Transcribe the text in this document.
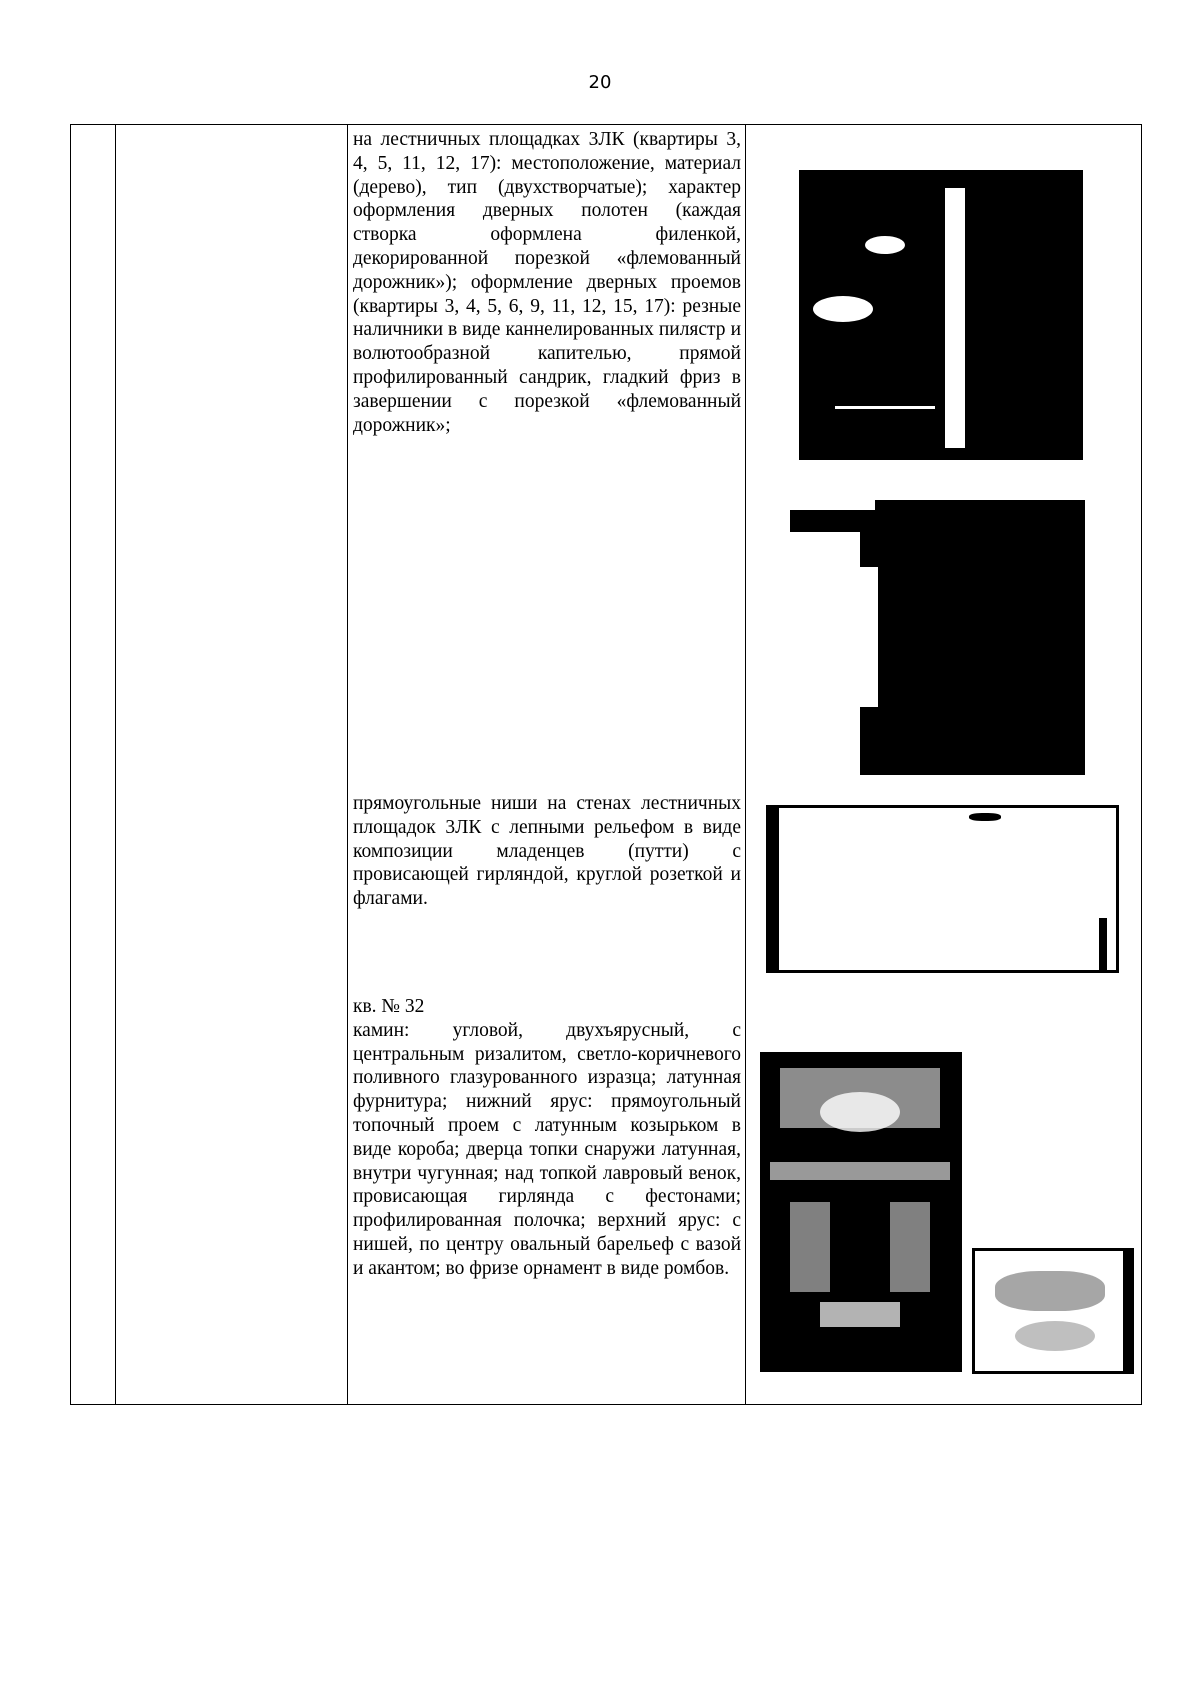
20

на лестничных площадках 3ЛК (квартиры 3, 4, 5, 11, 12, 17): местоположение, материал (дерево), тип (двухстворчатые); характер оформления дверных полотен (каждая створка оформлена филенкой, декорированной порезкой «флемованный дорожник»); оформление дверных проемов (квартиры 3, 4, 5, 6, 9, 11, 12, 15, 17): резные наличники в виде каннелированных пилястр и волютообразной капителью, прямой профилированный сандрик, гладкий фриз в завершении с порезкой «флемованный дорожник»;

прямоугольные ниши на стенах лестничных площадок 3ЛК с лепными рельефом в виде композиции младенцев (путти) с провисающей гирляндой, круглой розеткой и флагами.

кв. № 32

камин: угловой, двухъярусный, с центральным ризалитом, светло-коричневого поливного глазурованного изразца; латунная фурнитура; нижний ярус: прямоугольный топочный проем с латунным козырьком в виде короба; дверца топки снаружи латунная, внутри чугунная; над топкой лавровый венок, провисающая гирлянда с фестонами; профилированная полочка; верхний ярус: с нишей, по центру овальный барельеф с вазой и акантом; во фризе орнамент в виде ромбов.
